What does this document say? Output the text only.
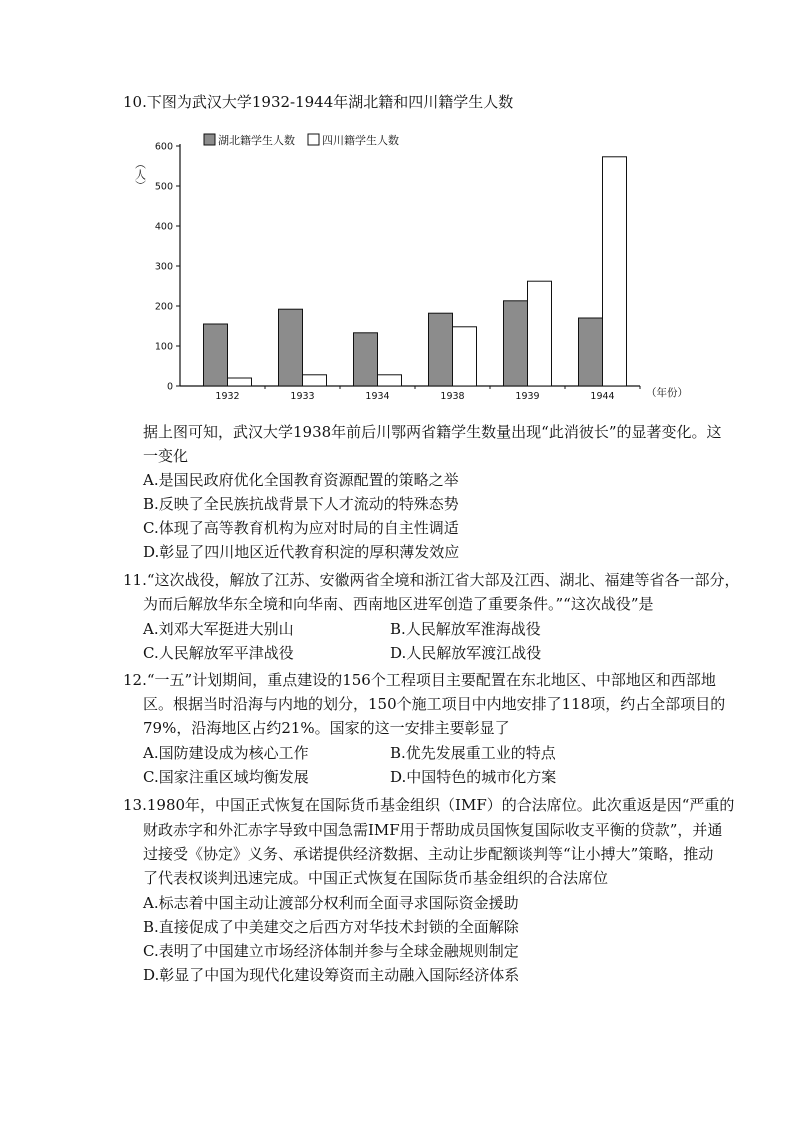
10.下图为武汉大学1932-1944年湖北籍和四川籍学生人数
湖北籍学生人数 四川籍学生人数
0
100
200
300
400
500
600
（人）
（年份）
1932	1933	1934	1938	1939	1944
据上图可知，武汉大学1938年前后川鄂两省籍学生数量出现“此消彼长”的显著变化。这
一变化
A.是国民政府优化全国教育资源配置的策略之举
B.反映了全民族抗战背景下人才流动的特殊态势
C.体现了高等教育机构为应对时局的自主性调适
D.彰显了四川地区近代教育积淀的厚积薄发效应
11.“这次战役，解放了江苏、安徽两省全境和浙江省大部及江西、湖北、福建等省各一部分，
为而后解放华东全境和向华南、西南地区进军创造了重要条件。”“这次战役”是
A.刘邓大军挺进大别山	B.人民解放军淮海战役
C.人民解放军平津战役	D.人民解放军渡江战役
12.“一五”计划期间，重点建设的156个工程项目主要配置在东北地区、中部地区和西部地
区。根据当时沿海与内地的划分，150个施工项目中内地安排了118项，约占全部项目的
79%，沿海地区占约21%。国家的这一安排主要彰显了
A.国防建设成为核心工作	B.优先发展重工业的特点
C.国家注重区域均衡发展	D.中国特色的城市化方案
13.1980年，中国正式恢复在国际货币基金组织（IMF）的合法席位。此次重返是因“严重的
财政赤字和外汇赤字导致中国急需IMF用于帮助成员国恢复国际收支平衡的贷款”，并通
过接受《协定》义务、承诺提供经济数据、主动让步配额谈判等“让小搏大”策略，推动
了代表权谈判迅速完成。中国正式恢复在国际货币基金组织的合法席位
A.标志着中国主动让渡部分权利而全面寻求国际资金援助
B.直接促成了中美建交之后西方对华技术封锁的全面解除
C.表明了中国建立市场经济体制并参与全球金融规则制定
D.彰显了中国为现代化建设筹资而主动融入国际经济体系
